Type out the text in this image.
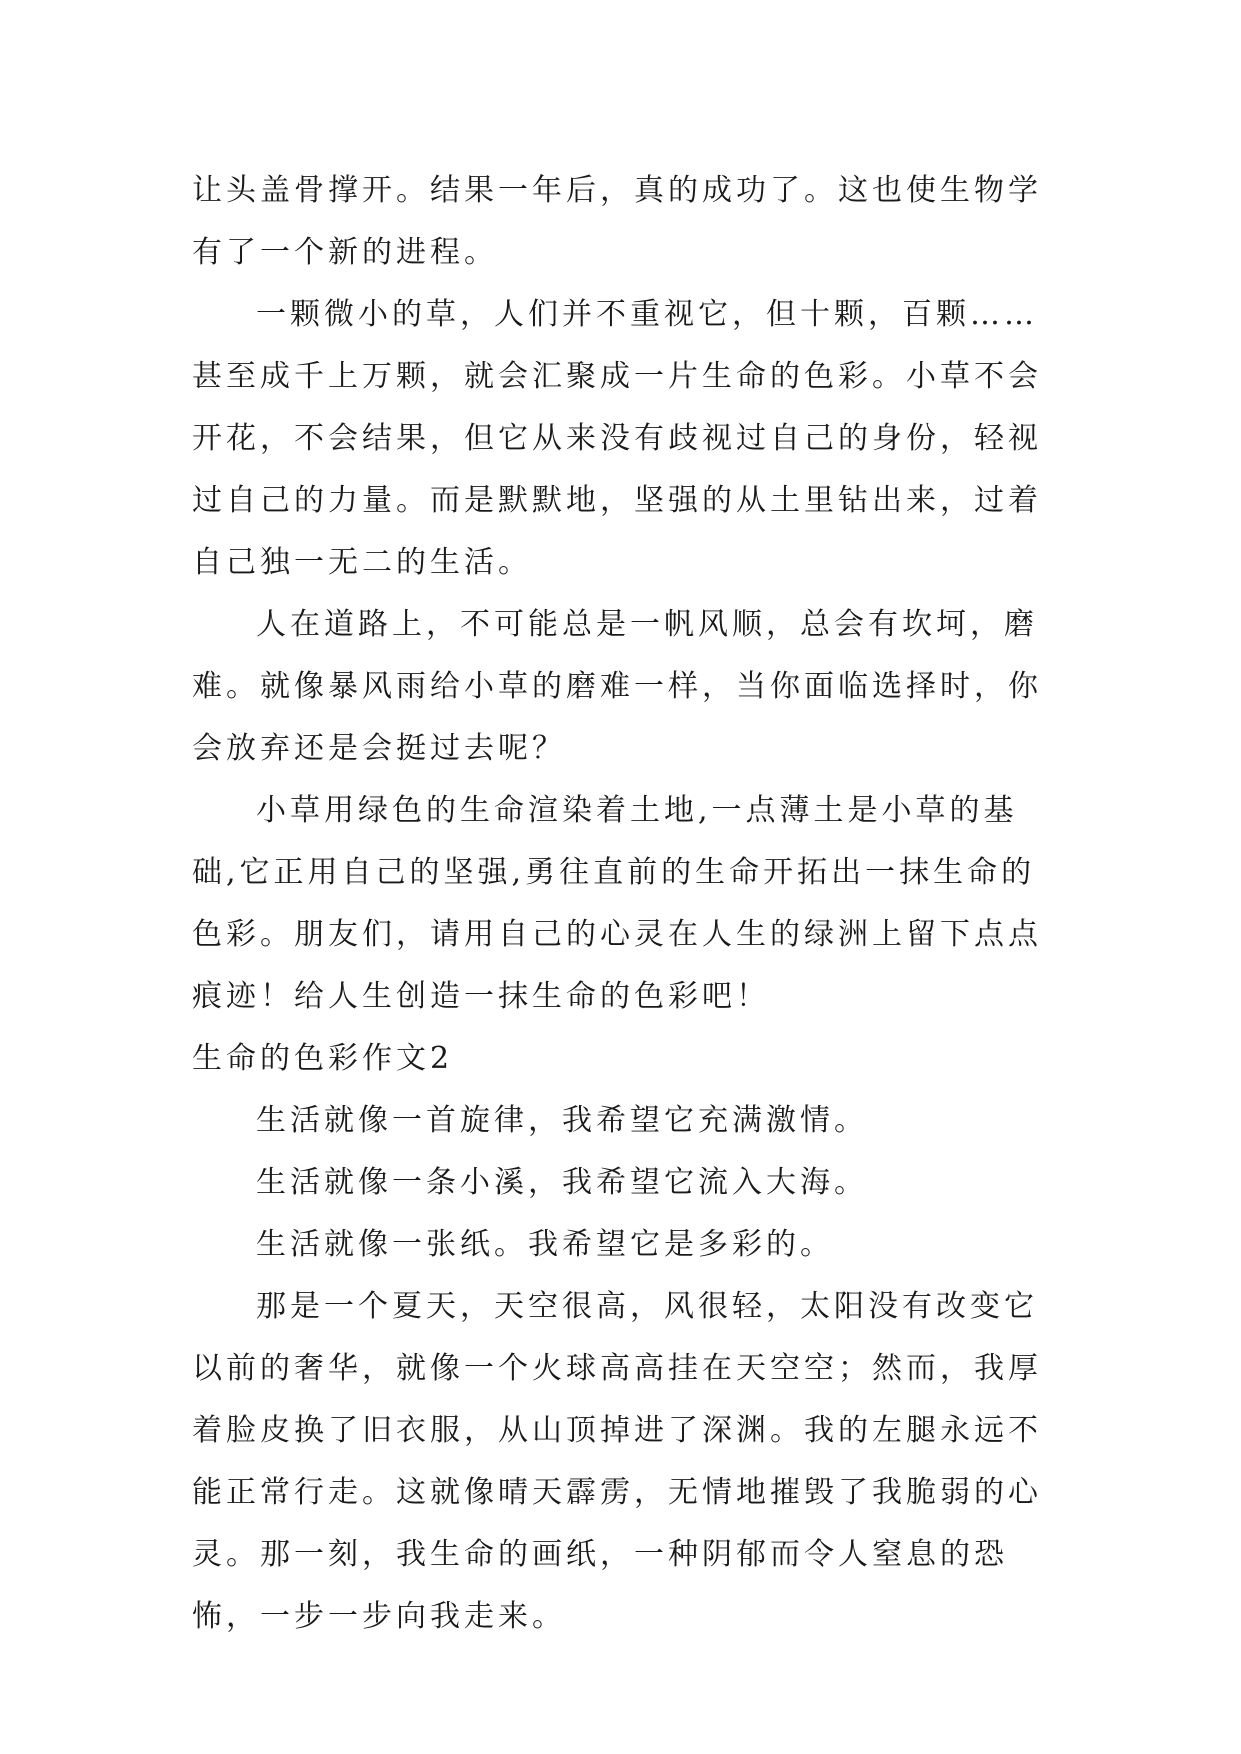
让头盖骨撑开。结果一年后，真的成功了。这也使生物学有了一个新的进程。

一颗微小的草，人们并不重视它，但十颗，百颗……甚至成千上万颗，就会汇聚成一片生命的色彩。小草不会开花，不会结果，但它从来没有歧视过自己的身份，轻视过自己的力量。而是默默地，坚强的从土里钻出来，过着自己独一无二的生活。

人在道路上，不可能总是一帆风顺，总会有坎坷，磨难。就像暴风雨给小草的磨难一样，当你面临选择时，你会放弃还是会挺过去呢？

小草用绿色的生命渲染着土地,一点薄土是小草的基础,它正用自己的坚强,勇往直前的生命开拓出一抹生命的色彩。朋友们，请用自己的心灵在人生的绿洲上留下点点痕迹！给人生创造一抹生命的色彩吧！

生命的色彩作文2

生活就像一首旋律，我希望它充满激情。

生活就像一条小溪，我希望它流入大海。

生活就像一张纸。我希望它是多彩的。

那是一个夏天，天空很高，风很轻，太阳没有改变它以前的奢华，就像一个火球高高挂在天空空；然而，我厚着脸皮换了旧衣服，从山顶掉进了深渊。我的左腿永远不能正常行走。这就像晴天霹雳，无情地摧毁了我脆弱的心灵。那一刻，我生命的画纸，一种阴郁而令人窒息的恐怖，一步一步向我走来。
